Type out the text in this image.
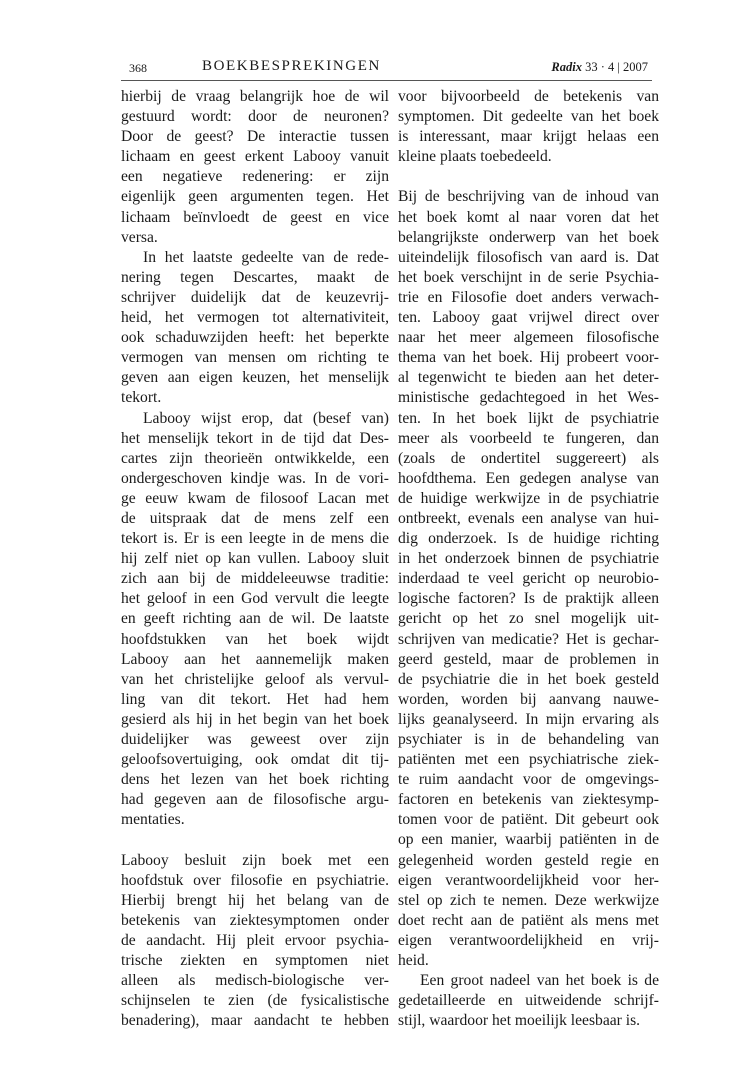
368	BOEKBESPREKINGEN	Radix 33 · 4 | 2007
hierbij de vraag belangrijk hoe de wil
gestuurd wordt: door de neuronen?
Door de geest? De interactie tussen
lichaam en geest erkent Labooy vanuit
een negatieve redenering: er zijn
eigenlijk geen argumenten tegen. Het
lichaam beïnvloedt de geest en vice
versa.
In het laatste gedeelte van de rede-
nering tegen Descartes, maakt de
schrijver duidelijk dat de keuzevrij-
heid, het vermogen tot alternativiteit,
ook schaduwzijden heeft: het beperkte
vermogen van mensen om richting te
geven aan eigen keuzen, het menselijk
tekort.
Labooy wijst erop, dat (besef van)
het menselijk tekort in de tijd dat Des-
cartes zijn theorieën ontwikkelde, een
ondergeschoven kindje was. In de vori-
ge eeuw kwam de filosoof Lacan met
de uitspraak dat de mens zelf een
tekort is. Er is een leegte in de mens die
hij zelf niet op kan vullen. Labooy sluit
zich aan bij de middeleeuwse traditie:
het geloof in een God vervult die leegte
en geeft richting aan de wil. De laatste
hoofdstukken van het boek wijdt
Labooy aan het aannemelijk maken
van het christelijke geloof als vervul-
ling van dit tekort. Het had hem
gesierd als hij in het begin van het boek
duidelijker was geweest over zijn
geloofsovertuiging, ook omdat dit tij-
dens het lezen van het boek richting
had gegeven aan de filosofische argu-
mentaties.
Labooy besluit zijn boek met een
hoofdstuk over filosofie en psychiatrie.
Hierbij brengt hij het belang van de
betekenis van ziektesymptomen onder
de aandacht. Hij pleit ervoor psychia-
trische ziekten en symptomen niet
alleen als medisch-biologische ver-
schijnselen te zien (de fysicalistische
benadering), maar aandacht te hebben
voor bijvoorbeeld de betekenis van
symptomen. Dit gedeelte van het boek
is interessant, maar krijgt helaas een
kleine plaats toebedeeld.
Bij de beschrijving van de inhoud van
het boek komt al naar voren dat het
belangrijkste onderwerp van het boek
uiteindelijk filosofisch van aard is. Dat
het boek verschijnt in de serie Psychia-
trie en Filosofie doet anders verwach-
ten. Labooy gaat vrijwel direct over
naar het meer algemeen filosofische
thema van het boek. Hij probeert voor-
al tegenwicht te bieden aan het deter-
ministische gedachtegoed in het Wes-
ten. In het boek lijkt de psychiatrie
meer als voorbeeld te fungeren, dan
(zoals de ondertitel suggereert) als
hoofdthema. Een gedegen analyse van
de huidige werkwijze in de psychiatrie
ontbreekt, evenals een analyse van hui-
dig onderzoek. Is de huidige richting
in het onderzoek binnen de psychiatrie
inderdaad te veel gericht op neurobio-
logische factoren? Is de praktijk alleen
gericht op het zo snel mogelijk uit-
schrijven van medicatie? Het is gechar-
geerd gesteld, maar de problemen in
de psychiatrie die in het boek gesteld
worden, worden bij aanvang nauwe-
lijks geanalyseerd. In mijn ervaring als
psychiater is in de behandeling van
patiënten met een psychiatrische ziek-
te ruim aandacht voor de omgevings-
factoren en betekenis van ziektesymp-
tomen voor de patiënt. Dit gebeurt ook
op een manier, waarbij patiënten in de
gelegenheid worden gesteld regie en
eigen verantwoordelijkheid voor her-
stel op zich te nemen. Deze werkwijze
doet recht aan de patiënt als mens met
eigen verantwoordelijkheid en vrij-
heid.
Een groot nadeel van het boek is de
gedetailleerde en uitweidende schrijf-
stijl, waardoor het moeilijk leesbaar is.
